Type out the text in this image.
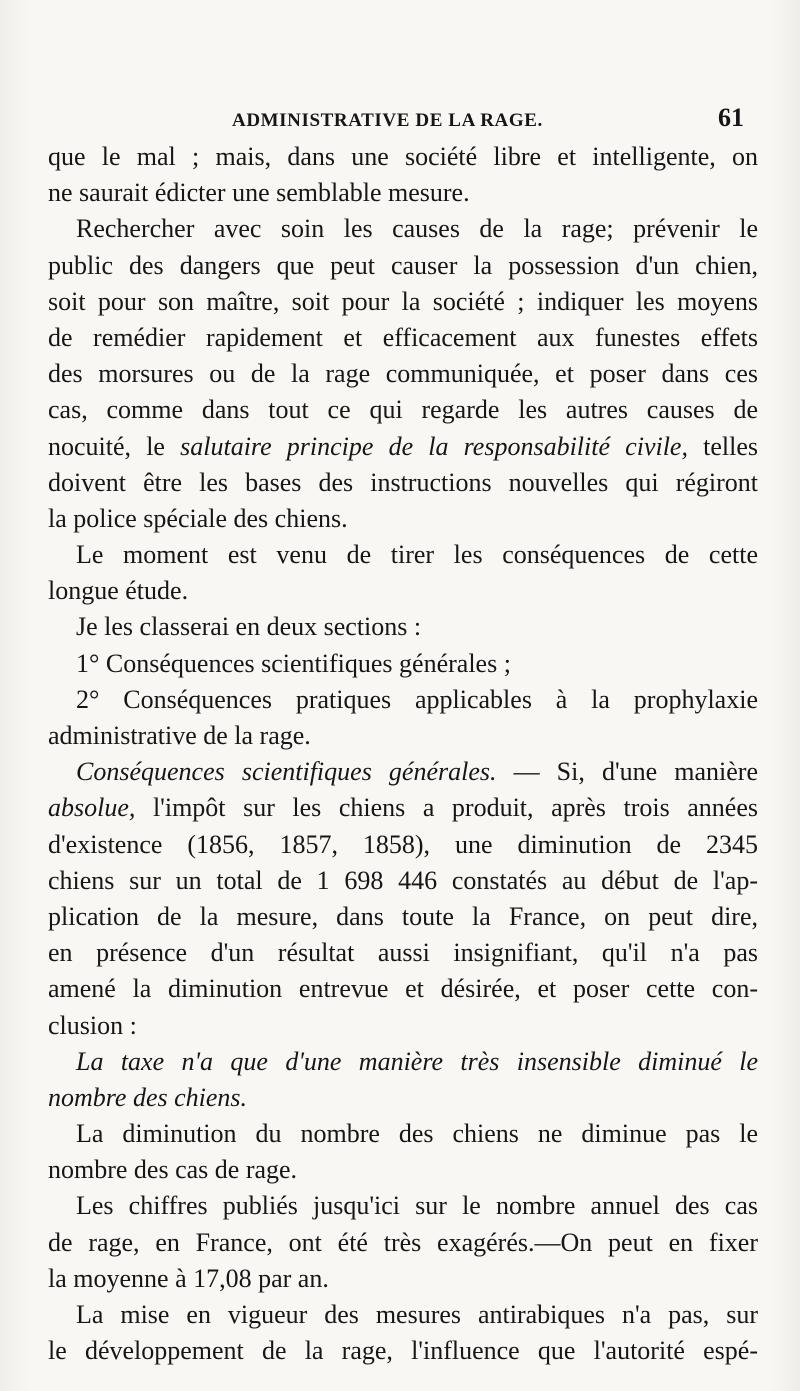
ADMINISTRATIVE DE LA RAGE.	61
que le mal ; mais, dans une société libre et intelligente, on
ne saurait édicter une semblable mesure.
Rechercher avec soin les causes de la rage; prévenir le
public des dangers que peut causer la possession d'un chien,
soit pour son maître, soit pour la société ; indiquer les moyens
de remédier rapidement et efficacement aux funestes effets
des morsures ou de la rage communiquée, et poser dans ces
cas, comme dans tout ce qui regarde les autres causes de
nocuité, le salutaire principe de la responsabilité civile, telles
doivent être les bases des instructions nouvelles qui régiront
la police spéciale des chiens.
Le moment est venu de tirer les conséquences de cette
longue étude.
Je les classerai en deux sections :
1° Conséquences scientifiques générales ;
2° Conséquences pratiques applicables à la prophylaxie
administrative de la rage.
Conséquences scientifiques générales. — Si, d'une manière
absolue, l'impôt sur les chiens a produit, après trois années
d'existence (1856, 1857, 1858), une diminution de 2345
chiens sur un total de 1 698 446 constatés au début de l'ap-
plication de la mesure, dans toute la France, on peut dire,
en présence d'un résultat aussi insignifiant, qu'il n'a pas
amené la diminution entrevue et désirée, et poser cette con-
clusion :
La taxe n'a que d'une manière très insensible diminué le
nombre des chiens.
La diminution du nombre des chiens ne diminue pas le
nombre des cas de rage.
Les chiffres publiés jusqu'ici sur le nombre annuel des cas
de rage, en France, ont été très exagérés.—On peut en fixer
la moyenne à 17,08 par an.
La mise en vigueur des mesures antirabiques n'a pas, sur
le développement de la rage, l'influence que l'autorité espé-
